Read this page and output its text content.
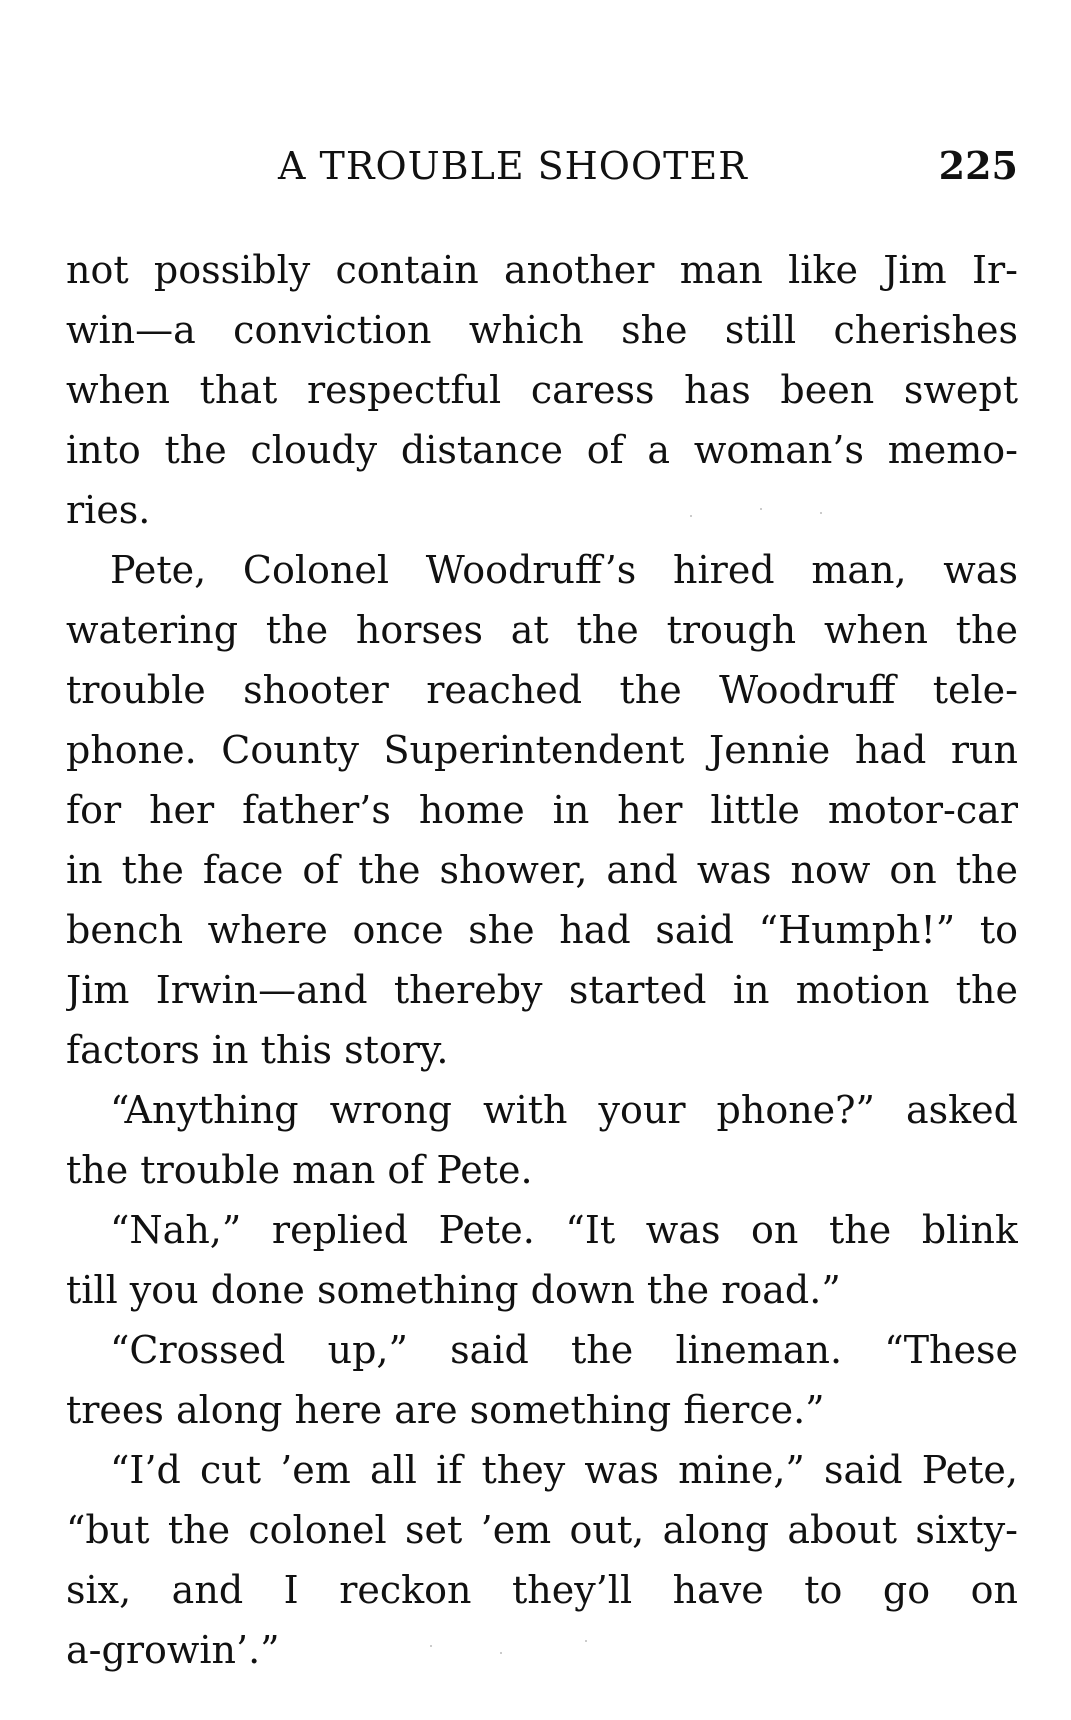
A TROUBLE SHOOTER	225
not possibly contain another man like Jim Ir-
win—a conviction which she still cherishes
when that respectful caress has been swept
into the cloudy distance of a woman’s memo-
ries.
Pete, Colonel Woodruff’s hired man, was
watering the horses at the trough when the
trouble shooter reached the Woodruff tele-
phone. County Superintendent Jennie had run
for her father’s home in her little motor-car
in the face of the shower, and was now on the
bench where once she had said “Humph!” to
Jim Irwin—and thereby started in motion the
factors in this story.
“Anything wrong with your phone?” asked
the trouble man of Pete.
“Nah,” replied Pete. “It was on the blink
till you done something down the road.”
“Crossed up,” said the lineman. “These
trees along here are something fierce.”
“I’d cut ’em all if they was mine,” said Pete,
“but the colonel set ’em out, along about sixty-
six, and I reckon they’ll have to go on
a-growin’.”
